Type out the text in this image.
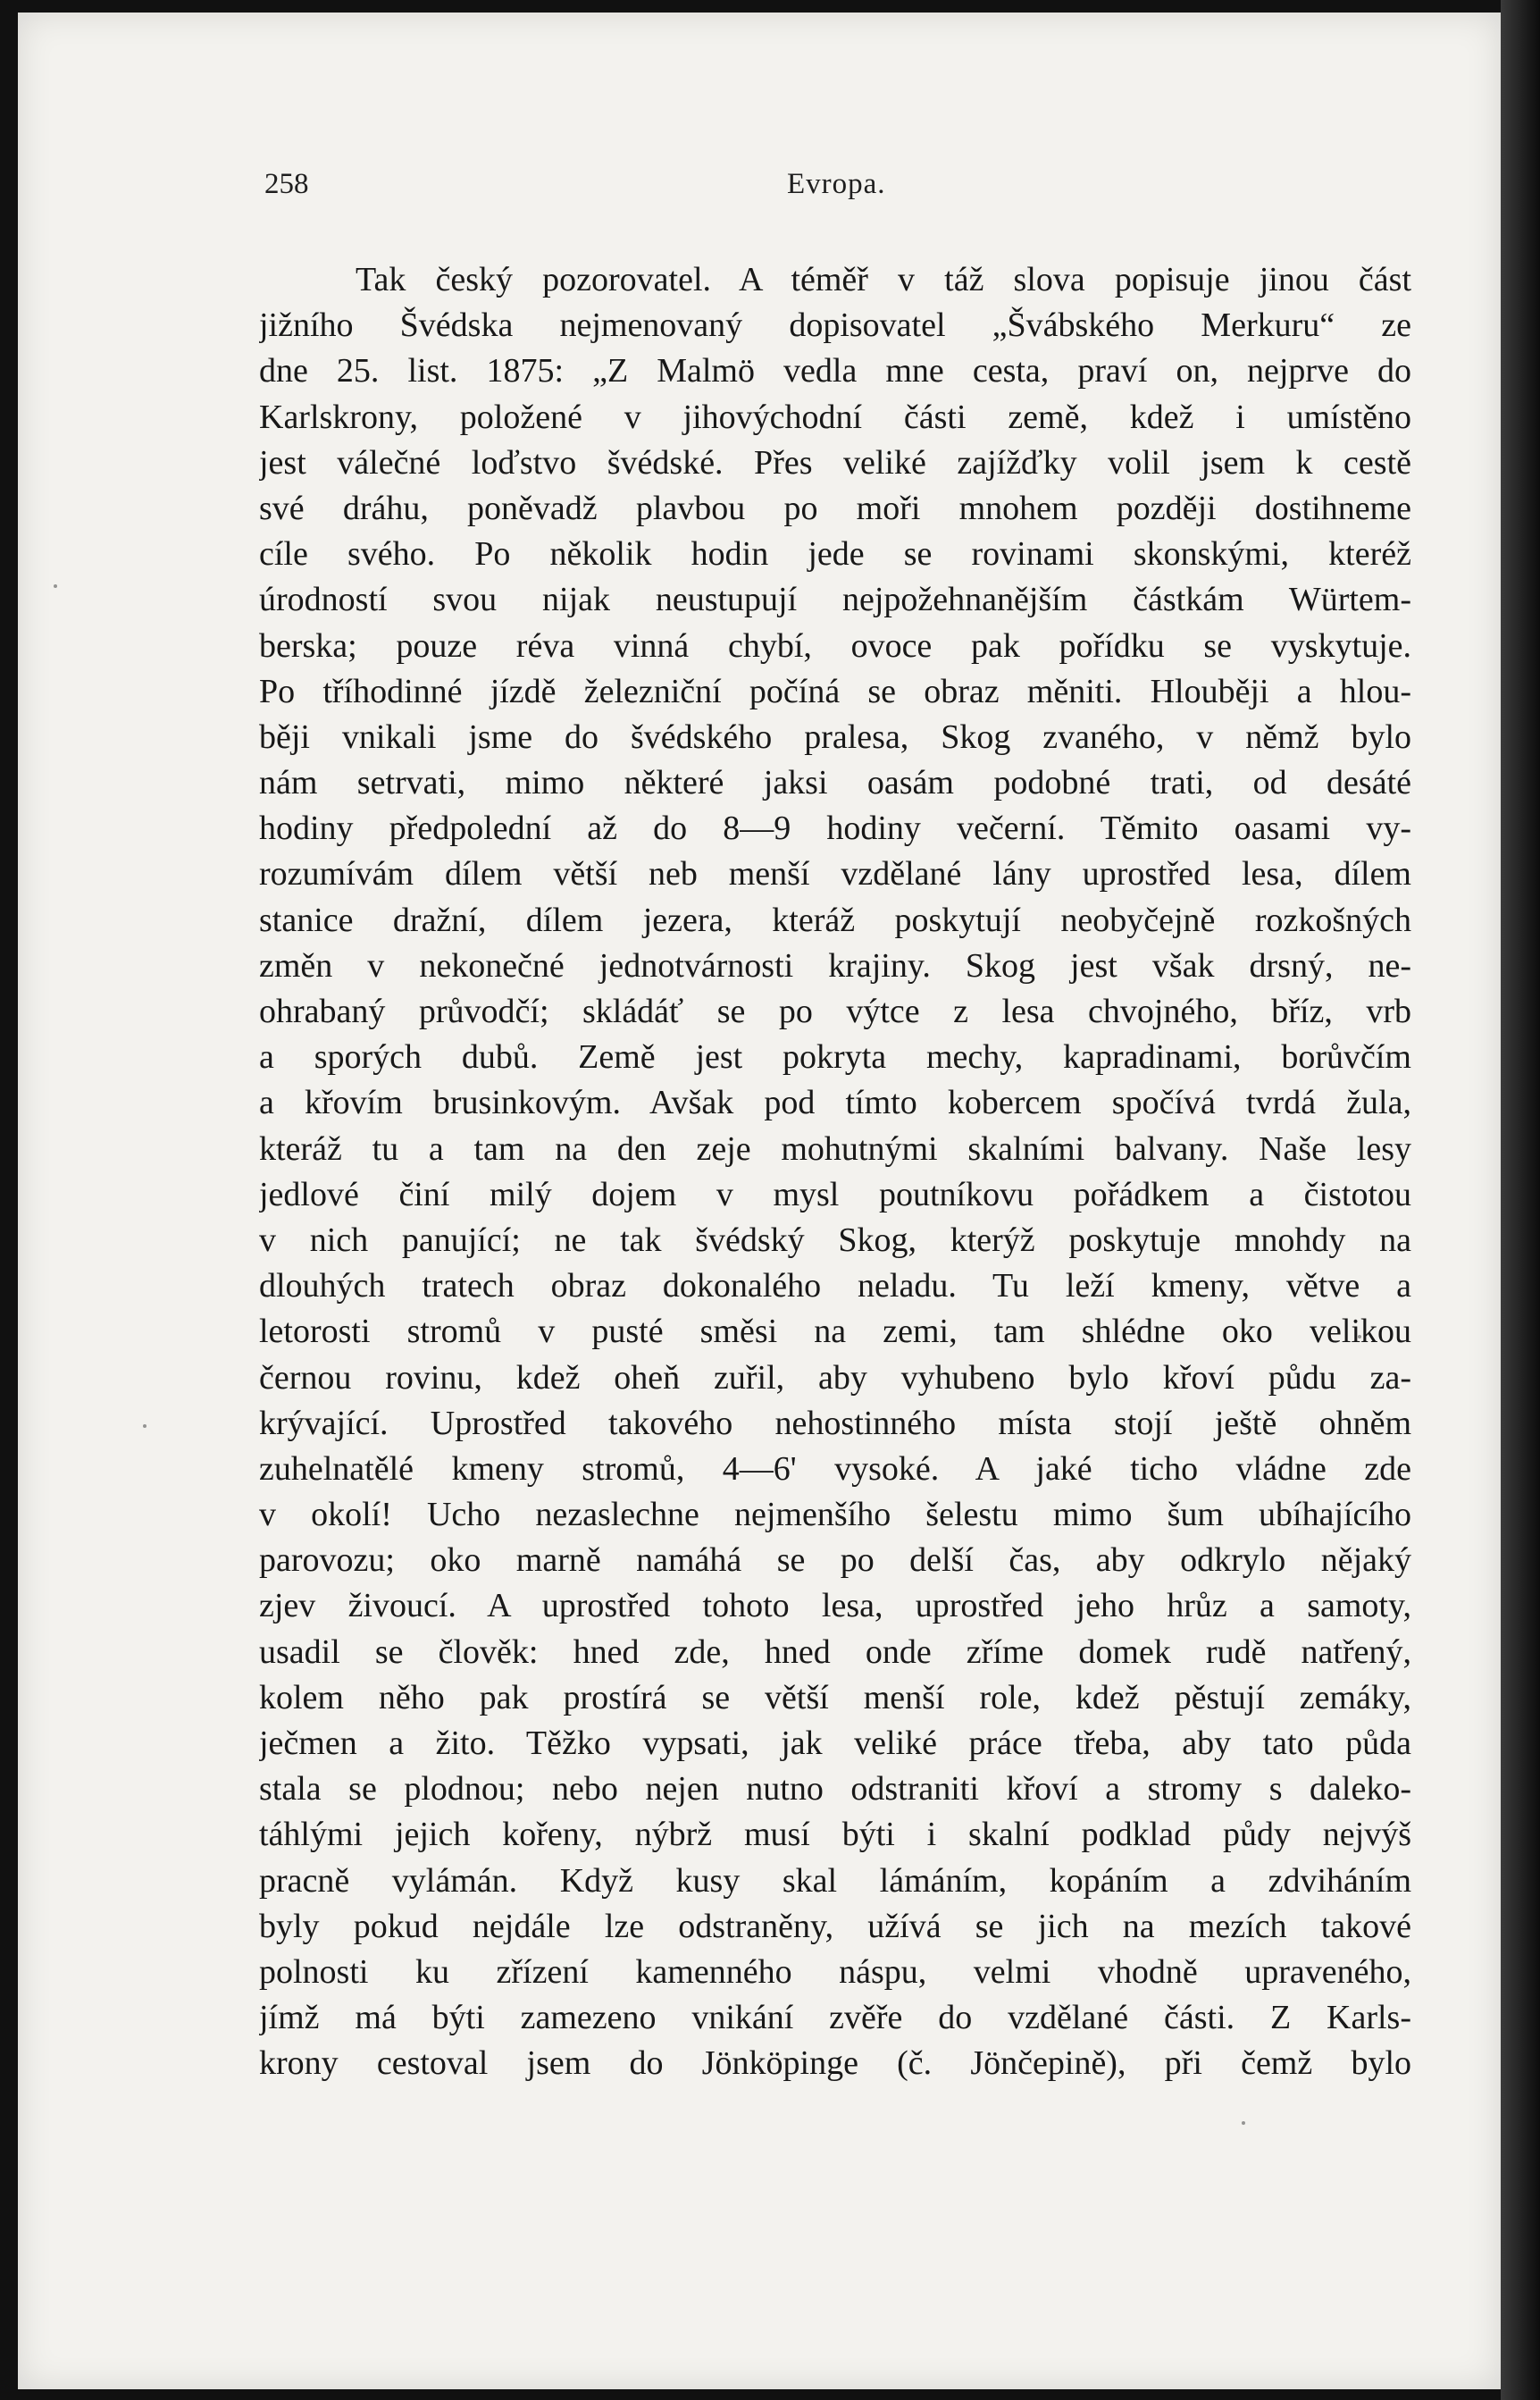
258	Evropa.
Tak český pozorovatel. A téměř v táž slova popisuje jinou část
jižního Švédska nejmenovaný dopisovatel „Švábského Merkuru“ ze
dne 25. list. 1875: „Z Malmö vedla mne cesta, praví on, nejprve do
Karlskrony, položené v jihovýchodní části země, kdež i umístěno
jest válečné loďstvo švédské. Přes veliké zajížďky volil jsem k cestě
své dráhu, poněvadž plavbou po moři mnohem později dostihneme
cíle svého. Po několik hodin jede se rovinami skonskými, kteréž
úrodností svou nijak neustupují nejpožehnanějším částkám Würtem-
berska; pouze réva vinná chybí, ovoce pak pořídku se vyskytuje.
Po tříhodinné jízdě železniční počíná se obraz měniti. Hlouběji a hlou-
běji vnikali jsme do švédského pralesa, Skog zvaného, v němž bylo
nám setrvati, mimo některé jaksi oasám podobné trati, od desáté
hodiny předpolední až do 8—9 hodiny večerní. Těmito oasami vy-
rozumívám dílem větší neb menší vzdělané lány uprostřed lesa, dílem
stanice dražní, dílem jezera, kteráž poskytují neobyčejně rozkošných
změn v nekonečné jednotvárnosti krajiny. Skog jest však drsný, ne-
ohrabaný průvodčí; skládáť se po výtce z lesa chvojného, bříz, vrb
a sporých dubů. Země jest pokryta mechy, kapradinami, borůvčím
a křovím brusinkovým. Avšak pod tímto kobercem spočívá tvrdá žula,
kteráž tu a tam na den zeje mohutnými skalními balvany. Naše lesy
jedlové činí milý dojem v mysl poutníkovu pořádkem a čistotou
v nich panující; ne tak švédský Skog, kterýž poskytuje mnohdy na
dlouhých tratech obraz dokonalého neladu. Tu leží kmeny, větve a
letorosti stromů v pusté směsi na zemi, tam shlédne oko velikou
černou rovinu, kdež oheň zuřil, aby vyhubeno bylo křoví půdu za-
krývající. Uprostřed takového nehostinného místa stojí ještě ohněm
zuhelnatělé kmeny stromů, 4—6' vysoké. A jaké ticho vládne zde
v okolí! Ucho nezaslechne nejmenšího šelestu mimo šum ubíhajícího
parovozu; oko marně namáhá se po delší čas, aby odkrylo nějaký
zjev živoucí. A uprostřed tohoto lesa, uprostřed jeho hrůz a samoty,
usadil se člověk: hned zde, hned onde zříme domek rudě natřený,
kolem něho pak prostírá se větší menší role, kdež pěstují zemáky,
ječmen a žito. Těžko vypsati, jak veliké práce třeba, aby tato půda
stala se plodnou; nebo nejen nutno odstraniti křoví a stromy s daleko-
táhlými jejich kořeny, nýbrž musí býti i skalní podklad půdy nejvýš
pracně vylámán. Když kusy skal lámáním, kopáním a zdviháním
byly pokud nejdále lze odstraněny, užívá se jich na mezích takové
polnosti ku zřízení kamenného náspu, velmi vhodně upraveného,
jímž má býti zamezeno vnikání zvěře do vzdělané části. Z Karls-
krony cestoval jsem do Jönköpinge (č. Jönčepině), při čemž bylo
